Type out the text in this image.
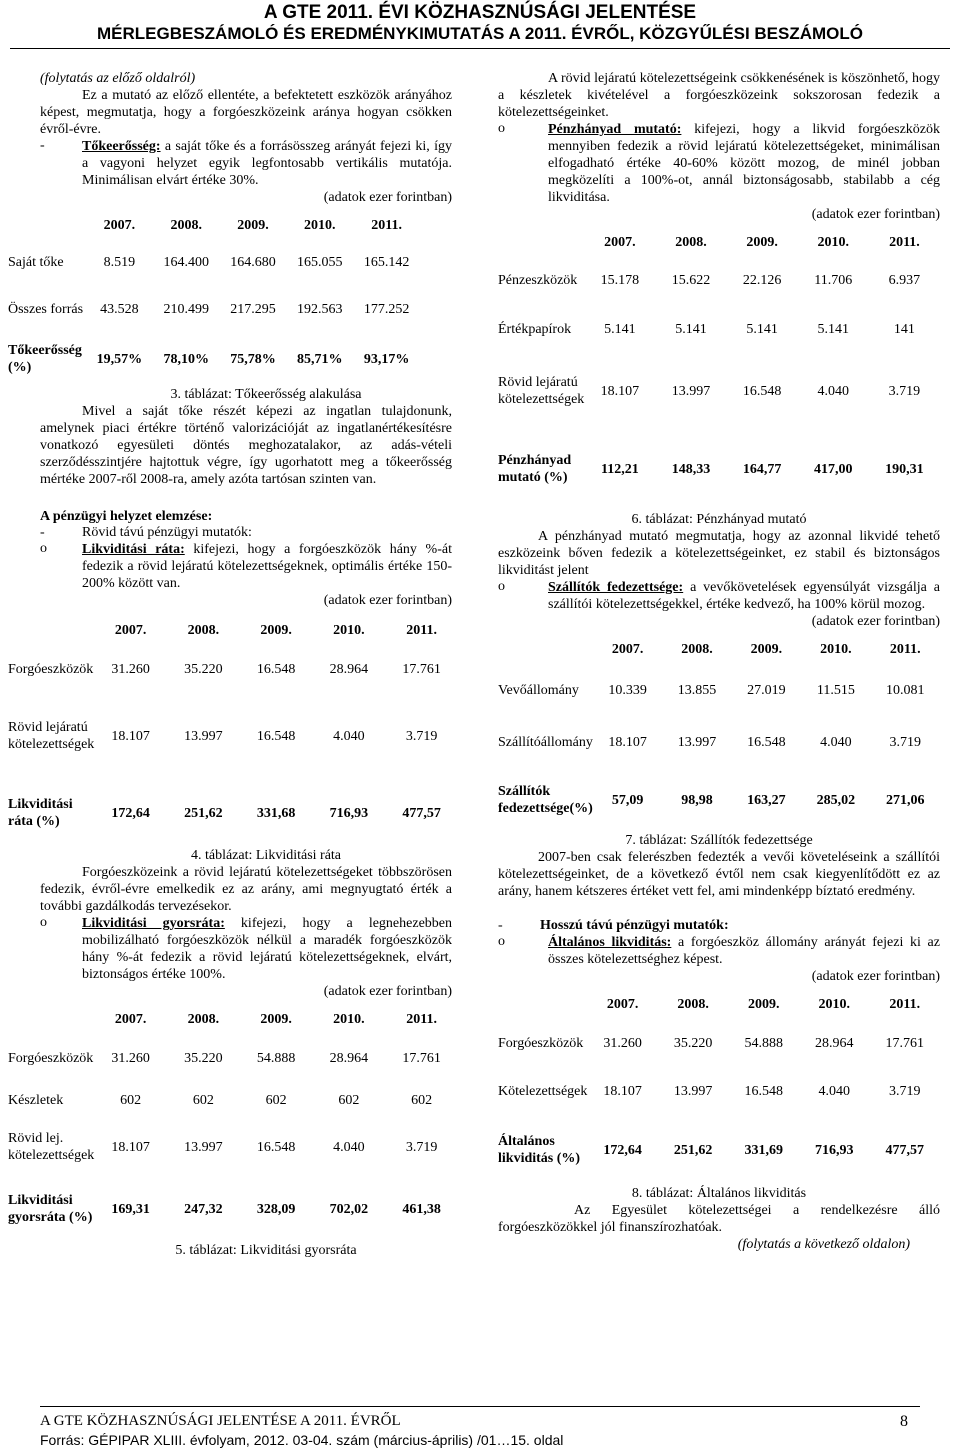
A GTE 2011. ÉVI KÖZHASZNÚSÁGI JELENTÉSE
MÉRLEGBESZÁMOLÓ ÉS EREDMÉNYKIMUTATÁS A 2011. ÉVRŐL, KÖZGYŰLÉSI BESZÁMOLÓ

(folytatás az előző oldalról)

Ez a mutató az előző ellentéte, a befektetett eszközök arányához képest, megmutatja, hogy a forgóeszközeink aránya hogyan csökken évről-évre.

-	Tőkeerősség: a saját tőke és a forrásösszeg arányát fejezi ki, így a vagyoni helyzet egyik legfontosabb vertikális mutatója. Minimálisan elvárt értéke 30%.

(adatok ezer forintban)
	2007.	2008.	2009.	2010.	2011.
Saját tőke	8.519	164.400	164.680	165.055	165.142
Összes forrás	43.528	210.499	217.295	192.563	177.252
Tőkeerősség (%)	19,57%	78,10%	75,78%	85,71%	93,17%
3. táblázat: Tőkeerősség alakulása

Mivel a saját tőke részét képezi az ingatlan tulajdonunk, amelynek piaci értékre történő valorizációját az ingatlanértékesítésre vonatkozó egyesületi döntés meghozatalakor, az adás-vételi szerződésszintjére hajtottuk végre, így ugorhatott meg a tőkeerősség mértéke 2007-ről 2008-ra, amely azóta tartósan szinten van.

A pénzügyi helyzet elemzése:

-	Rövid távú pénzügyi mutatók:
o	Likviditási ráta: kifejezi, hogy a forgóeszközök hány %-át fedezik a rövid lejáratú kötelezettségeknek, optimális értéke 150-200% között van.

(adatok ezer forintban)
	2007.	2008.	2009.	2010.	2011.
Forgóeszközök	31.260	35.220	16.548	28.964	17.761
Rövid lejáratú kötelezettségek	18.107	13.997	16.548	4.040	3.719
Likviditási ráta (%)	172,64	251,62	331,68	716,93	477,57
4. táblázat: Likviditási ráta

Forgóeszközeink a rövid lejáratú kötelezettségeket többszörösen fedezik, évről-évre emelkedik ez az arány, ami megnyugtató érték a további gazdálkodás tervezésekor.

o	Likviditási gyorsráta: kifejezi, hogy a legnehezebben mobilizálható forgóeszközök nélkül a maradék forgóeszközök hány %-át fedezik a rövid lejáratú kötelezettségeknek, elvárt, biztonságos értéke 100%.

(adatok ezer forintban)
	2007.	2008.	2009.	2010.	2011.
Forgóeszközök	31.260	35.220	54.888	28.964	17.761
Készletek	602	602	602	602	602
Rövid lej. kötelezettségek	18.107	13.997	16.548	4.040	3.719
Likviditási gyorsráta (%)	169,31	247,32	328,09	702,02	461,38
5. táblázat: Likviditási gyorsráta

A rövid lejáratú kötelezettségeink csökkenésének is köszönhető, hogy a készletek kivételével a forgóeszközeink sokszorosan fedezik a kötelezettségeinket.

o	Pénzhányad mutató: kifejezi, hogy a likvid forgóeszközök mennyiben fedezik a rövid lejáratú kötelezettségeket, minimálisan elfogadható értéke 40-60% között mozog, de minél jobban megközelíti a 100%-ot, annál biztonságosabb, stabilabb a cég likviditása.

(adatok ezer forintban)
	2007.	2008.	2009.	2010.	2011.
Pénzeszközök	15.178	15.622	22.126	11.706	6.937
Értékpapírok	5.141	5.141	5.141	5.141	141
Rövid lejáratú kötelezettségek	18.107	13.997	16.548	4.040	3.719
Pénzhányad mutató (%)	112,21	148,33	164,77	417,00	190,31
6. táblázat: Pénzhányad mutató

A pénzhányad mutató megmutatja, hogy az azonnal likvidé tehető eszközeink bőven fedezik a kötelezettségeinket, ez stabil és biztonságos likviditást jelent

o	Szállítók fedezettsége: a vevőkövetelések egyensúlyát vizsgálja a szállítói kötelezettségekkel, értéke kedvező, ha 100% körül mozog.

(adatok ezer forintban)
	2007.	2008.	2009.	2010.	2011.
Vevőállomány	10.339	13.855	27.019	11.515	10.081
Szállítóállomány	18.107	13.997	16.548	4.040	3.719
Szállítók fedezettsége(%)	57,09	98,98	163,27	285,02	271,06
7. táblázat: Szállítók fedezettsége

2007-ben csak felerészben fedezték a vevői követeléseink a szállítói kötelezettségeinket, de a következő évtől nem csak kiegyenlítődött ez az arány, hanem kétszeres értéket vett fel, ami mindenképp bíztató eredmény.

-	Hosszú távú pénzügyi mutatók:
o	Általános likviditás: a forgóeszköz állomány arányát fejezi ki az összes kötelezettséghez képest.

(adatok ezer forintban)
	2007.	2008.	2009.	2010.	2011.
Forgóeszközök	31.260	35.220	54.888	28.964	17.761
Kötelezettségek	18.107	13.997	16.548	4.040	3.719
Általános likviditás (%)	172,64	251,62	331,69	716,93	477,57
8. táblázat: Általános likviditás

Az Egyesület kötelezettségei a rendelkezésre álló forgóeszközökkel jól finanszírozhatóak.

(folytatás a következő oldalon)

A GTE KÖZHASZNÚSÁGI JELENTÉSE A 2011. ÉVRŐL
Forrás: GÉPIPAR XLIII. évfolyam, 2012. 03-04. szám (március-április) /01…15. oldal
8
